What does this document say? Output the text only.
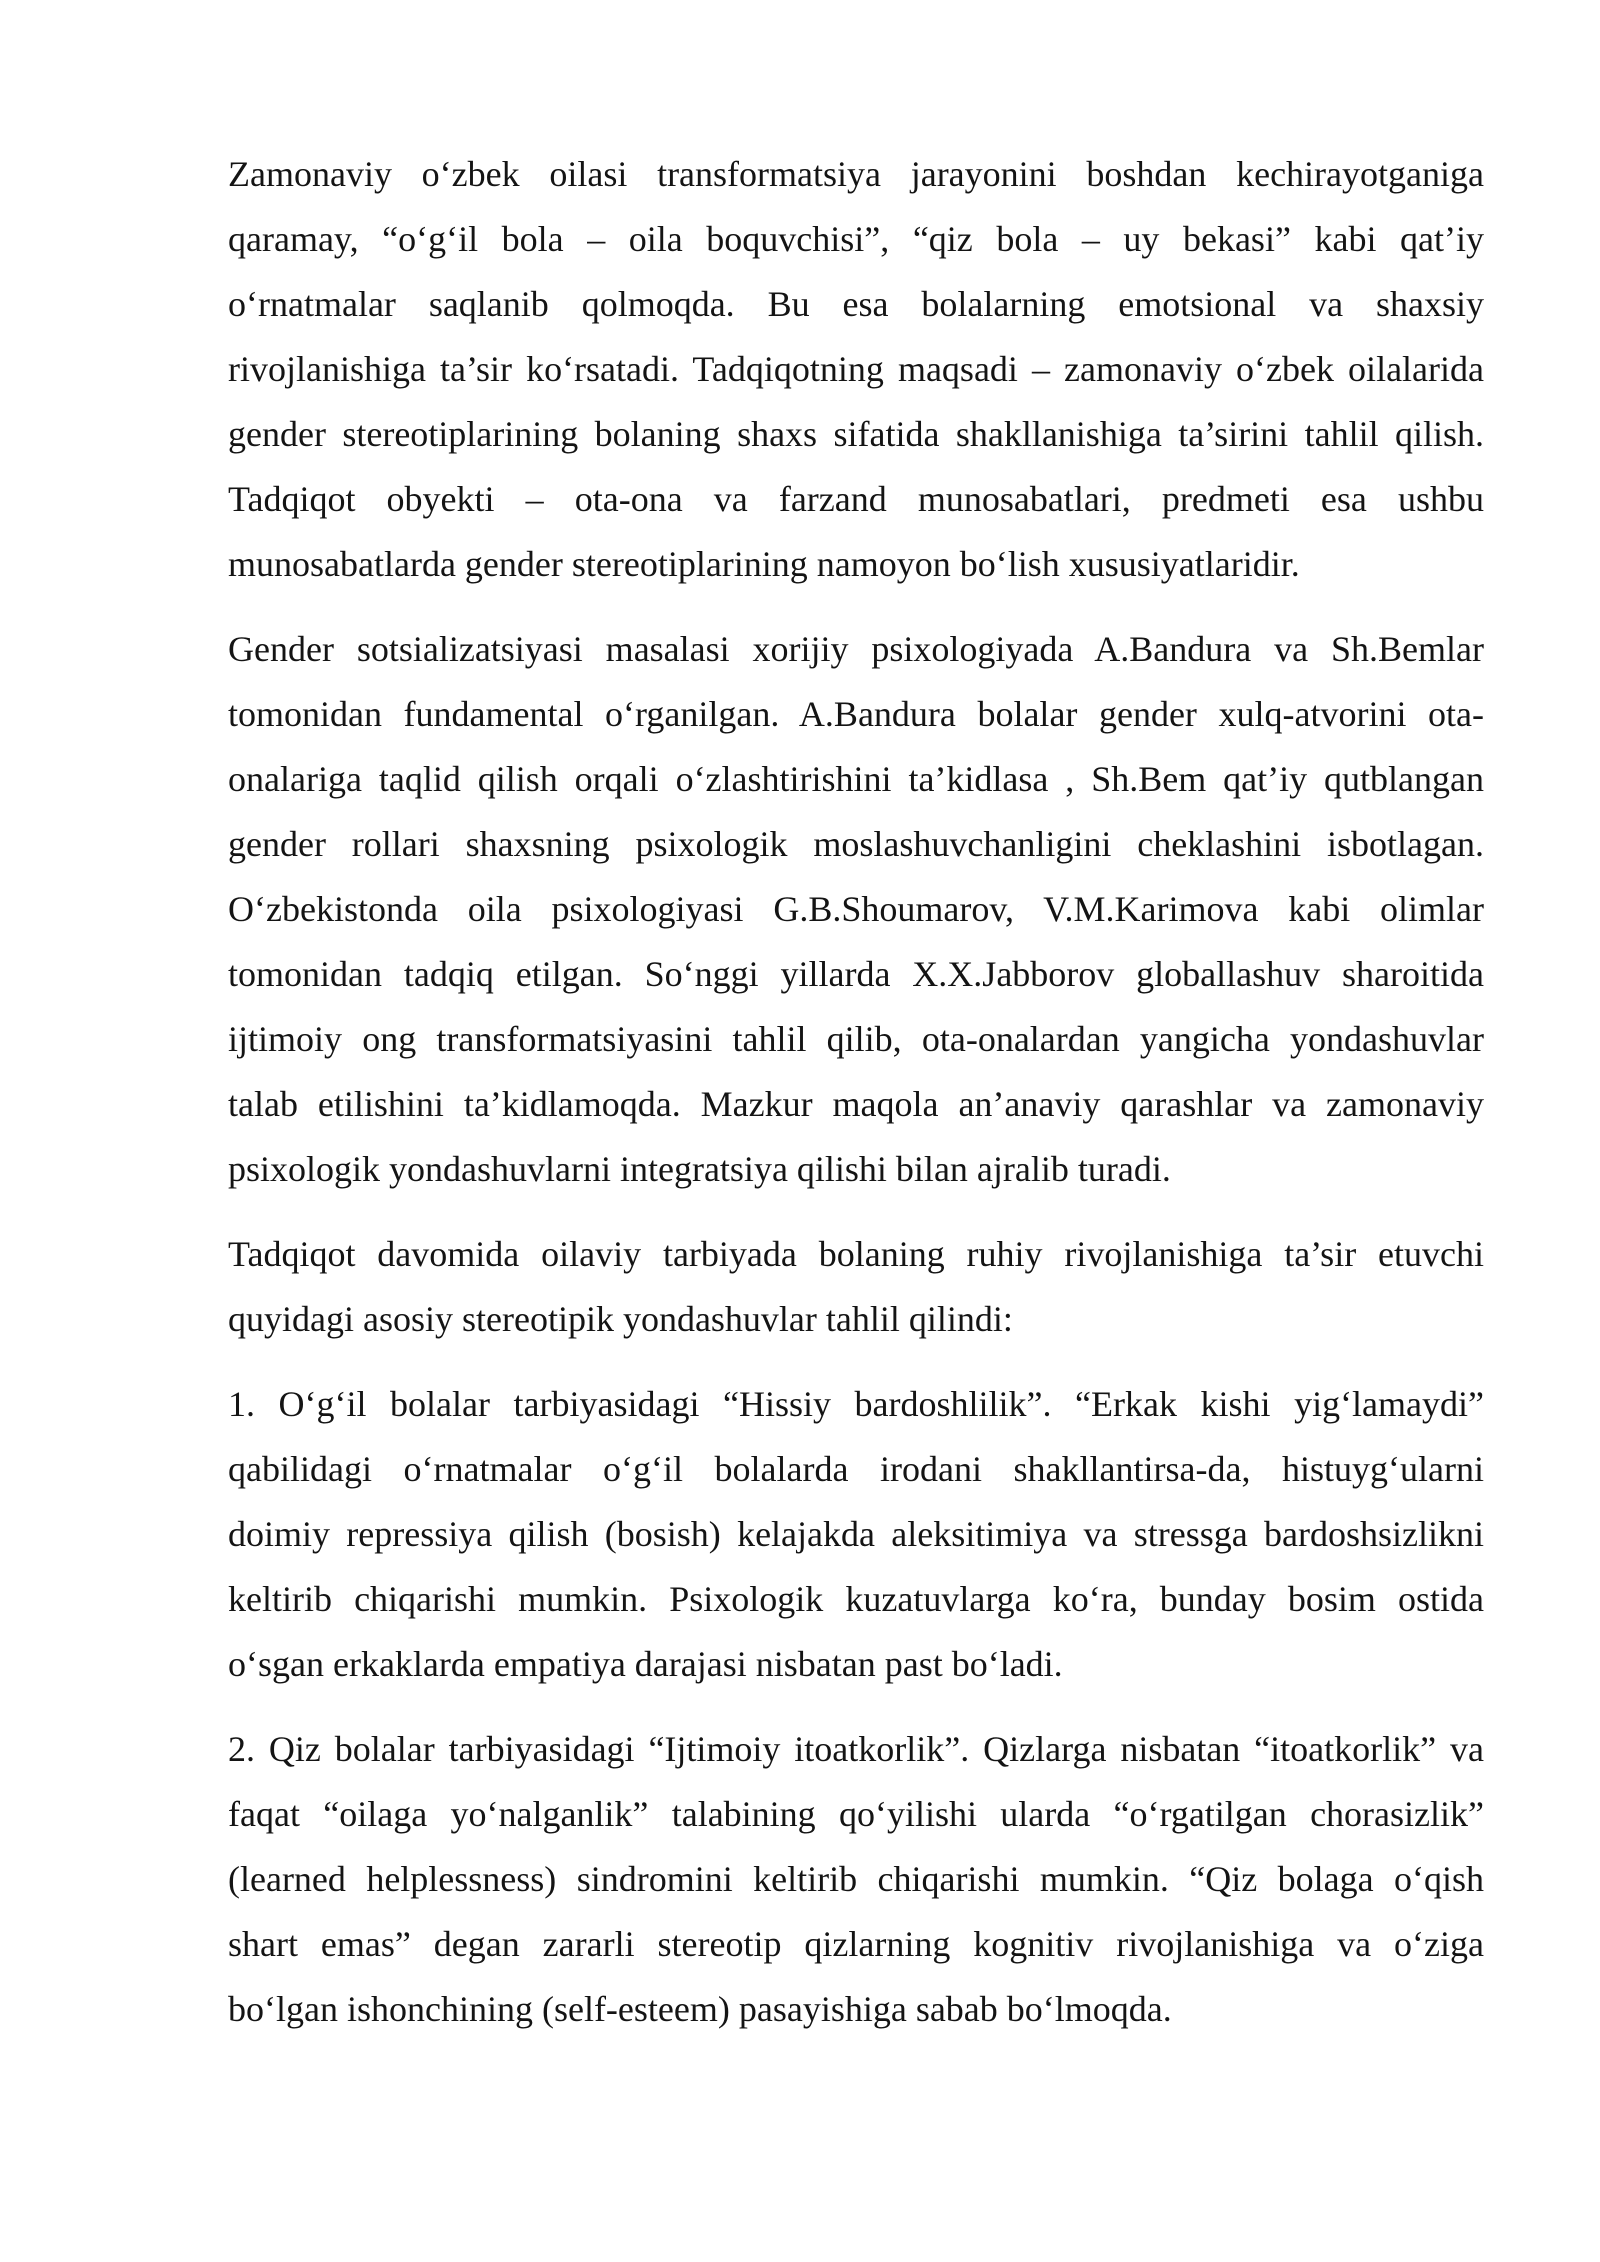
Zamonaviy oʻzbek oilasi transformatsiya jarayonini boshdan kechirayotganiga
qaramay, “oʻgʻil bola – oila boquvchisi”, “qiz bola – uy bekasi” kabi qat’iy
oʻrnatmalar saqlanib qolmoqda. Bu esa bolalarning emotsional va shaxsiy
rivojlanishiga ta’sir koʻrsatadi. Tadqiqotning maqsadi – zamonaviy oʻzbek oilalarida
gender stereotiplarining bolaning shaxs sifatida shakllanishiga ta’sirini tahlil qilish.
Tadqiqot obyekti – ota-ona va farzand munosabatlari, predmeti esa ushbu
munosabatlarda gender stereotiplarining namoyon boʻlish xususiyatlaridir.
Gender sotsializatsiyasi masalasi xorijiy psixologiyada A.Bandura va Sh.Bemlar
tomonidan fundamental oʻrganilgan. A.Bandura bolalar gender xulq-atvorini ota-
onalariga taqlid qilish orqali oʻzlashtirishini ta’kidlasa , Sh.Bem qat’iy qutblangan
gender rollari shaxsning psixologik moslashuvchanligini cheklashini isbotlagan.
Oʻzbekistonda oila psixologiyasi G.B.Shoumarov, V.M.Karimova kabi olimlar
tomonidan tadqiq etilgan. Soʻnggi yillarda X.X.Jabborov globallashuv sharoitida
ijtimoiy ong transformatsiyasini tahlil qilib, ota-onalardan yangicha yondashuvlar
talab etilishini ta’kidlamoqda. Mazkur maqola an’anaviy qarashlar va zamonaviy
psixologik yondashuvlarni integratsiya qilishi bilan ajralib turadi.
Tadqiqot davomida oilaviy tarbiyada bolaning ruhiy rivojlanishiga ta’sir etuvchi
quyidagi asosiy stereotipik yondashuvlar tahlil qilindi:
1. Oʻgʻil bolalar tarbiyasidagi “Hissiy bardoshlilik”. “Erkak kishi yigʻlamaydi”
qabilidagi oʻrnatmalar oʻgʻil bolalarda irodani shakllantirsa-da, histuygʻularni
doimiy repressiya qilish (bosish) kelajakda aleksitimiya va stressga bardoshsizlikni
keltirib chiqarishi mumkin. Psixologik kuzatuvlarga koʻra, bunday bosim ostida
oʻsgan erkaklarda empatiya darajasi nisbatan past boʻladi.
2. Qiz bolalar tarbiyasidagi “Ijtimoiy itoatkorlik”. Qizlarga nisbatan “itoatkorlik” va
faqat “oilaga yoʻnalganlik” talabining qoʻyilishi ularda “oʻrgatilgan chorasizlik”
(learned helplessness) sindromini keltirib chiqarishi mumkin. “Qiz bolaga oʻqish
shart emas” degan zararli stereotip qizlarning kognitiv rivojlanishiga va oʻziga
boʻlgan ishonchining (self-esteem) pasayishiga sabab boʻlmoqda.
